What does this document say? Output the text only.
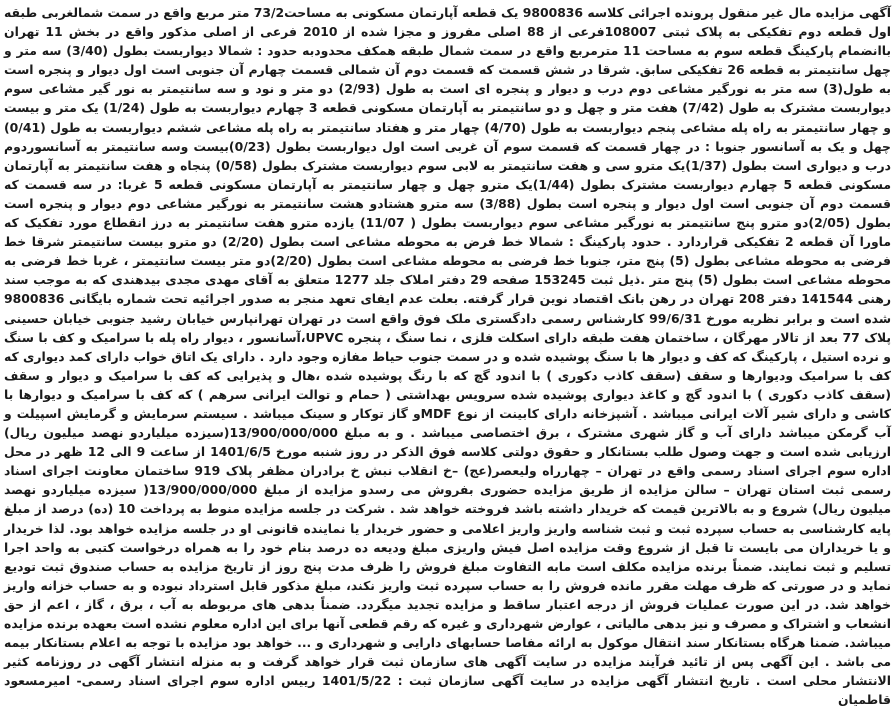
آگهی مزایده مال غیر منقول پرونده اجرائی کلاسه 9800836 یک قطعه آپارتمان مسکونی به مساحت73/2 متر مربع واقع در سمت شمالغربی طبقه اول قطعه دوم تفکیکی به پلاک ثبتی 108007فرعی از 88 اصلی مفروز و مجزا شده از 2010 فرعی از اصلی مذکور واقع در بخش 11 تهران باانضمام پارکینگ قطعه سوم به مساحت 11 مترمربع واقع در سمت شمال طبقه همکف محدودبه حدود : شمالا دیواربست بطول (3/40) سه متر و چهل سانتیمتر به قطعه 26 تفکیکی سابق. شرقا در شش قسمت که قسمت دوم آن شمالی قسمت چهارم آن جنوبی است اول دیوار و پنجره است به طول(3) سه متر به نورگیر مشاعی دوم درب و دیوار و پنجره ای است به طول (2/93) دو متر و نود و سه سانتیمتر به نور گیر مشاعی سوم دیواربست مشترک به طول (7/42) هفت متر و چهل و دو سانتیمتر به آپارتمان مسکونی قطعه 3 چهارم دیواربست به طول (1/24) یک متر و بیست و چهار سانتیمتر به راه پله مشاعی پنجم دیواربست به طول (4/70) چهار متر و هفتاد سانتیمتر به راه پله مشاعی ششم دیواربست به طول (0/41) چهل و یک به آسانسور جنوبا : در چهار قسمت که قسمت سوم آن غربی است اول دیواربست بطول (0/23)بیست وسه سانتیمتر به آسانسوردوم درب و دیواری است بطول (1/37)یک مترو سی و هفت سانتیمتر به لابی سوم دیواربست مشترک بطول (0/58) پنجاه و هفت سانتیمتر به آپارتمان مسکونی قطعه 5 چهارم دیواربست مشترک بطول (1/44)یک مترو چهل و چهار سانتیمتر به آپارتمان مسکونی قطعه 5 غربا: در سه قسمت که قسمت دوم آن جنوبی است اول دیوار و پنجره است بطول (3/88) سه مترو هشتادو هشت سانتیمتر به نورگیر مشاعی دوم دیوار و پنجره است بطول (2/05)دو مترو پنج سانتیمتر به نورگیر مشاعی سوم دیواربست بطول ( 11/07) یازده مترو هفت سانتیمتر به درز انقطاع مورد تفکیک که ماورا آن قطعه 2 تفکیکی قراردارد . حدود پارکینگ : شمالا خط فرض به محوطه مشاعی است بطول (2/20) دو مترو بیست سانتیمتر شرقا خط فرضی به محوطه مشاعی بطول (5) پنج متر، جنوبا خط فرضی به محوطه مشاعی است بطول (2/20)دو متر بیست سانتیمتر ، غربا خط فرضی به محوطه مشاعی است بطول (5) پنج متر .ذیل ثبت 153245 صفحه 29 دفتر املاک جلد 1277 متعلق به آقای مهدی مجدی بیدهندی که به موجب سند رهنی 141544 دفتر 208 تهران در رهن بانک اقتصاد نوین قرار گرفته. بعلت عدم ایفای تعهد منجر به صدور اجرائیه تحت شماره بایگانی 9800836 شده است و برابر نظریه مورخ 99/6/31 کارشناس رسمی دادگستری ملک فوق واقع است در تهران تهرانپارس خیابان رشید جنوبی خیابان حسینی پلاک 77 بعد از تالار مهرگان ، ساختمان هفت طبقه دارای اسکلت فلزی ، نما سنگ ، پنجره UPVC،آسانسور ، دیوار راه پله با سرامیک و کف با سنگ و نرده استیل ، پارکینگ که کف و دیوار ها با سنگ پوشیده شده و در سمت جنوب حیاط مفازه وجود دارد . دارای یک اتاق خواب دارای کمد دیواری که کف با سرامیک ودیوارها و سقف (سقف کاذب دکوری ) با اندود گچ که با رنگ پوشیده شده ،هال و پذیرایی که کف با سرامیک و دیوار و سقف (سقف کاذب دکوری ) با اندود گچ و کاغذ دیواری پوشیده شده سرویس بهداشتی ( حمام و توالت ایرانی سرهم ) که کف با سرامیک و دیوارها با کاشی و دارای شیر آلات ایرانی میباشد . آشپزخانه دارای کابینت از نوع MDFو گاز توکار و سینک میباشد . سیستم سرمایش و گرمایش اسپیلت و آب گرمکن میباشد دارای آب و گاز شهری مشترک ، برق اختصاصی میباشد . و به مبلغ 13/900/000/000(سیزده میلیاردو نهصد میلیون ریال) ارزیابی شده است و جهت وصول طلب بستانکار و حقوق دولتی کلاسه فوق الذکر در روز شنبه مورخ 1401/6/5 از ساعت 9 الی 12 ظهر در محل اداره سوم اجرای اسناد رسمی واقع در تهران – چهارراه ولیعصر(عج) –خ انقلاب نبش خ برادران مظفر پلاک 919 ساختمان معاونت اجرای اسناد رسمی ثبت استان تهران – سالن مزایده از طریق مزایده حضوری بفروش می رسدو مزایده از مبلغ 13/900/000/000( سیزده میلیاردو نهصد میلیون ریال) شروع و به بالاترین قیمت که خریدار داشته باشد فروخته خواهد شد . شرکت در جلسه مزایده منوط به پرداخت 10 (ده) درصد از مبلغ پایه کارشناسی به حساب سپرده ثبت و ثبت شناسه واریز واریز اعلامی و حضور خریدار یا نماینده قانونی او در جلسه مزایده خواهد بود. لذا خریدار و یا خریداران می بایست تا قبل از شروع وقت مزایده اصل فیش واریزی مبلغ ودیعه ده درصد بنام خود را به همراه درخواست کتبی به واحد اجرا تسلیم و ثبت نمایند. ضمناً برنده مزایده مکلف است مابه التفاوت مبلغ فروش را ظرف مدت پنج روز از تاریخ مزایده به حساب صندوق ثبت تودیع نماید و در صورتی که ظرف مهلت مقرر مانده فروش را به حساب سپرده ثبت واریز نکند، مبلغ مذکور قابل استرداد نبوده و به حساب خزانه واریز خواهد شد. در این صورت عملیات فروش از درجه اعتبار ساقط و مزایده تجدید میگردد. ضمناً بدهی های مربوطه به آب ، برق ، گاز ، اعم از حق انشعاب و اشتراک و مصرف و نیز بدهی مالیاتی ، عوارض شهرداری و غیره که رقم قطعی آنها برای این اداره معلوم نشده است بعهده برنده مزایده میباشد. ضمنا هرگاه بستانکار سند انتقال موکول به ارائه مفاصا حسابهای دارایی و شهرداری و ... خواهد بود مزایده با توجه به اعلام بستانکار بیمه می باشد . این آگهی پس از تائید فرآیند مزایده در سایت آگهی های سازمان ثبت قرار خواهد گرفت و به منزله انتشار آگهی در روزنامه کثیر الانتشار محلی است . تاریخ انتشار آگهی مزایده در سایت آگهی سازمان ثبت : 1401/5/22 رییس اداره سوم اجرای اسناد رسمی- امیرمسعود قاطمیان
